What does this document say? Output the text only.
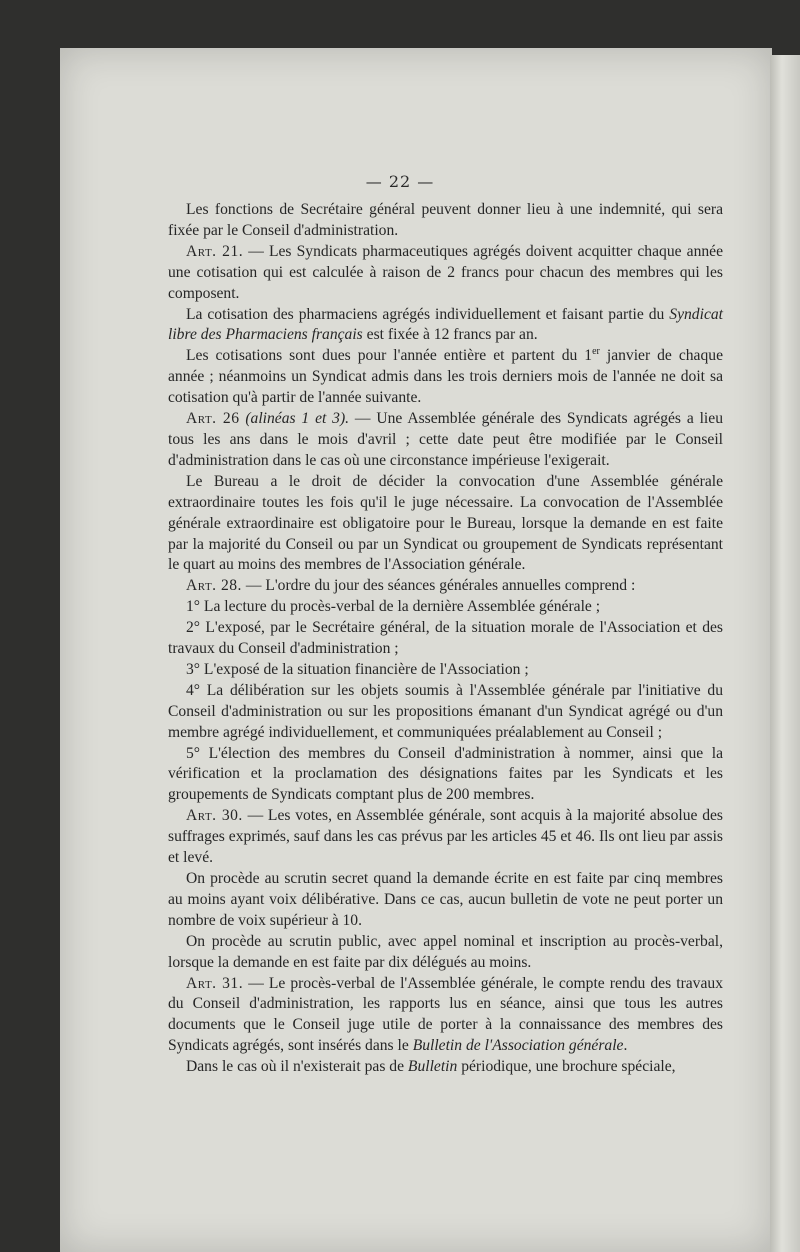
— 22 —

Les fonctions de Secrétaire général peuvent donner lieu à une indemnité, qui sera fixée par le Conseil d'administration.

Art. 21. — Les Syndicats pharmaceutiques agrégés doivent acquitter chaque année une cotisation qui est calculée à raison de 2 francs pour chacun des membres qui les composent.

La cotisation des pharmaciens agrégés individuellement et faisant partie du Syndicat libre des Pharmaciens français est fixée à 12 francs par an.

Les cotisations sont dues pour l'année entière et partent du 1er janvier de chaque année ; néanmoins un Syndicat admis dans les trois derniers mois de l'année ne doit sa cotisation qu'à partir de l'année suivante.

Art. 26 (alinéas 1 et 3). — Une Assemblée générale des Syndicats agrégés a lieu tous les ans dans le mois d'avril ; cette date peut être modifiée par le Conseil d'administration dans le cas où une circonstance impérieuse l'exigerait.

Le Bureau a le droit de décider la convocation d'une Assemblée générale extraordinaire toutes les fois qu'il le juge nécessaire. La convocation de l'Assemblée générale extraordinaire est obligatoire pour le Bureau, lorsque la demande en est faite par la majorité du Conseil ou par un Syndicat ou groupement de Syndicats représentant le quart au moins des membres de l'Association générale.

Art. 28. — L'ordre du jour des séances générales annuelles comprend :

1° La lecture du procès-verbal de la dernière Assemblée générale ;

2° L'exposé, par le Secrétaire général, de la situation morale de l'Association et des travaux du Conseil d'administration ;

3° L'exposé de la situation financière de l'Association ;

4° La délibération sur les objets soumis à l'Assemblée générale par l'initiative du Conseil d'administration ou sur les propositions émanant d'un Syndicat agrégé ou d'un membre agrégé individuellement, et communiquées préalablement au Conseil ;

5° L'élection des membres du Conseil d'administration à nommer, ainsi que la vérification et la proclamation des désignations faites par les Syndicats et les groupements de Syndicats comptant plus de 200 membres.

Art. 30. — Les votes, en Assemblée générale, sont acquis à la majorité absolue des suffrages exprimés, sauf dans les cas prévus par les articles 45 et 46. Ils ont lieu par assis et levé.

On procède au scrutin secret quand la demande écrite en est faite par cinq membres au moins ayant voix délibérative. Dans ce cas, aucun bulletin de vote ne peut porter un nombre de voix supérieur à 10.

On procède au scrutin public, avec appel nominal et inscription au procès-verbal, lorsque la demande en est faite par dix délégués au moins.

Art. 31. — Le procès-verbal de l'Assemblée générale, le compte rendu des travaux du Conseil d'administration, les rapports lus en séance, ainsi que tous les autres documents que le Conseil juge utile de porter à la connaissance des membres des Syndicats agrégés, sont insérés dans le Bulletin de l'Association générale.

Dans le cas où il n'existerait pas de Bulletin périodique, une brochure spéciale,
